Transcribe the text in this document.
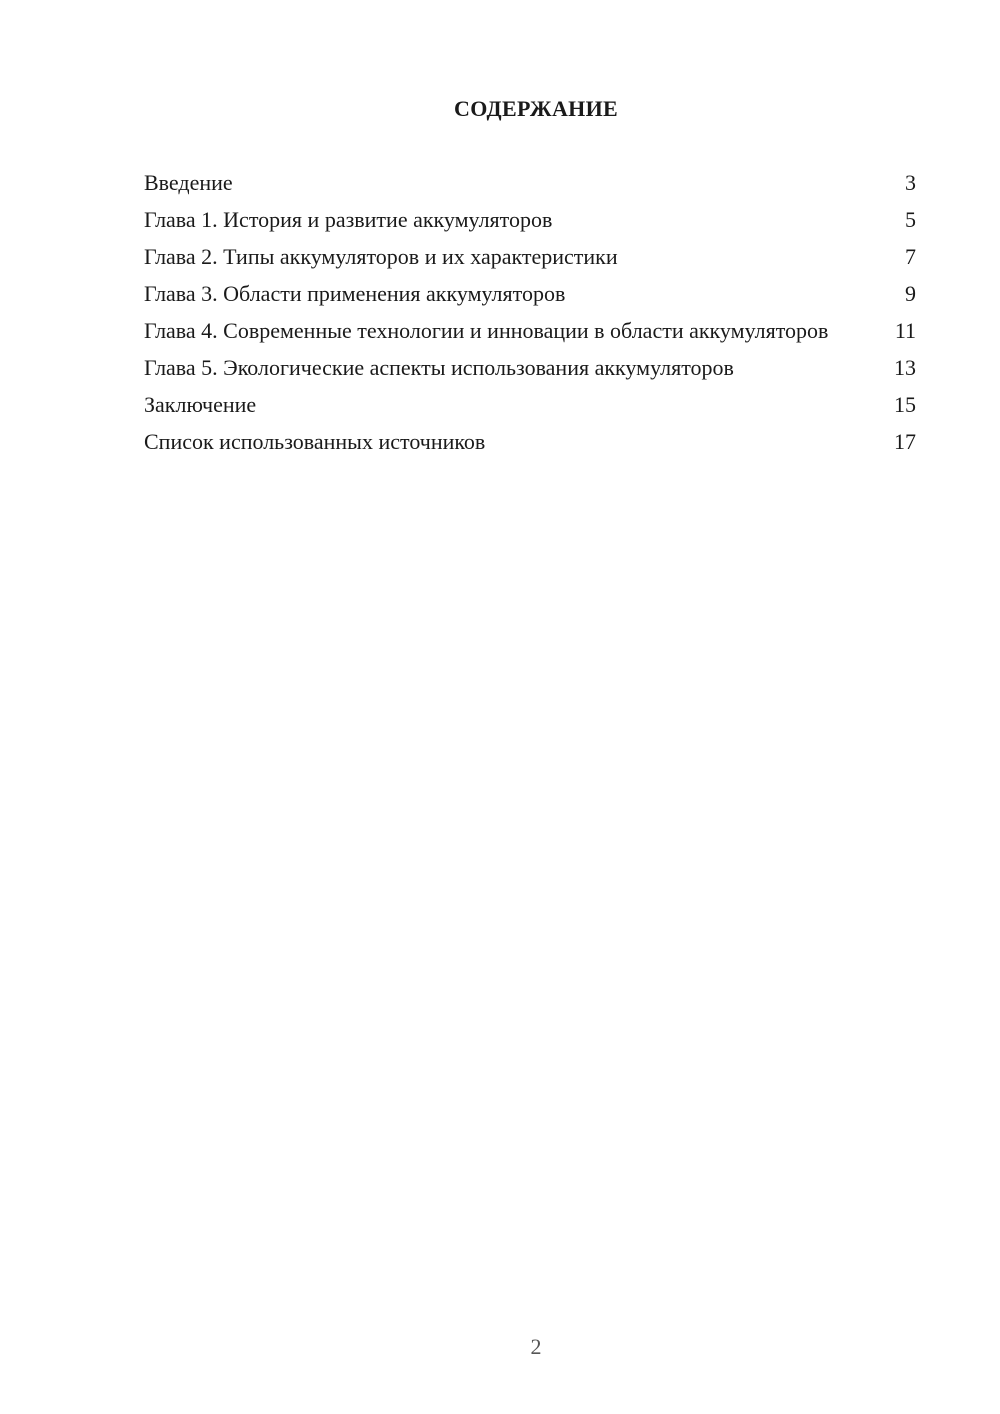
СОДЕРЖАНИЕ
Введение	3
Глава 1. История и развитие аккумуляторов	5
Глава 2. Типы аккумуляторов и их характеристики	7
Глава 3. Области применения аккумуляторов	9
Глава 4. Современные технологии и инновации в области аккумуляторов	11
Глава 5. Экологические аспекты использования аккумуляторов	13
Заключение	15
Список использованных источников	17
2
